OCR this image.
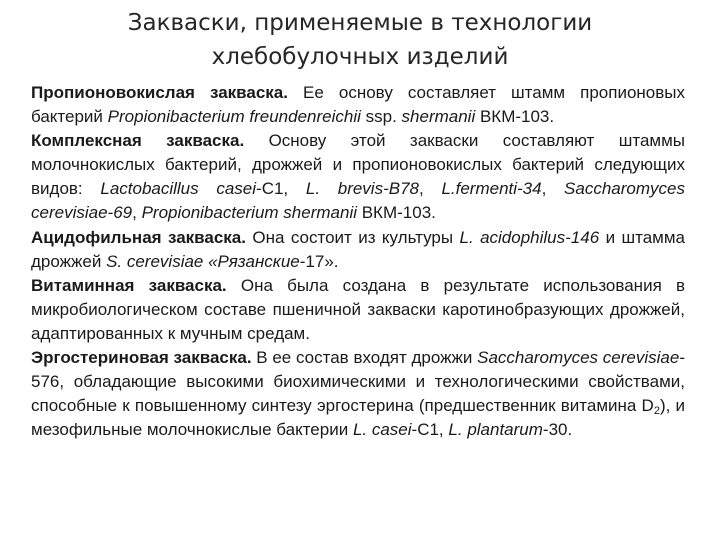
Закваски, применяемые в технологии
хлебобулочных изделий

Пропионовокислая закваска. Ее основу составляет штамм пропионовых бактерий Propionibacterium freundenreichii ssp. shermanii ВКМ-103.

Комплексная закваска. Основу этой закваски составляют штаммы молочнокислых бактерий, дрожжей и пропионовокислых бактерий следующих видов: Lactobacillus casei-С1, L. brevis-B78, L.fermenti-34, Saccharomyces cerevisiae-69, Propionibacterium shermanii ВКМ-103.

Ацидофильная закваска. Она состоит из культуры L. acidophilus-146 и штамма дрожжей S. cerevisiae «Рязанские-17».

Витаминная закваска. Она была создана в результате использования в микробиологическом составе пшеничной закваски каротинобразующих дрожжей, адаптированных к мучным средам.

Эргостериновая закваска. В ее состав входят дрожжи Saccharomyces cerevisiae-576, обладающие высокими биохимическими и технологическими свойствами, способные к повышенному синтезу эргостерина (предшественник витамина $D_2$), и мезофильные молочнокислые бактерии L. casei-С1, L. plantarum-30.
